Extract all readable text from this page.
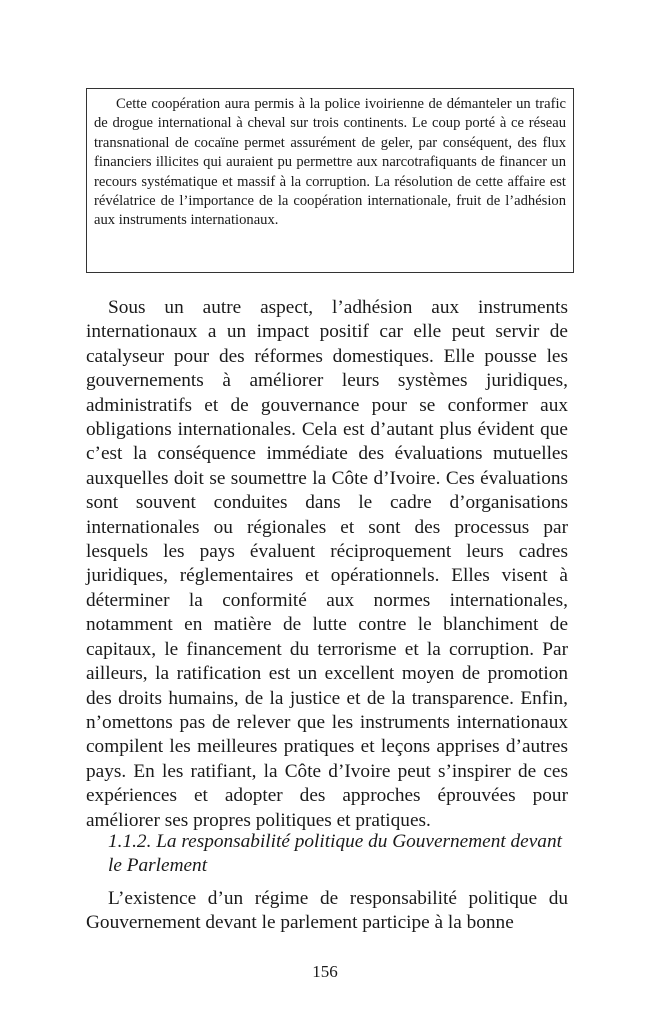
Cette coopération aura permis à la police ivoirienne de démanteler un trafic de drogue international à cheval sur trois continents. Le coup porté à ce réseau transnational de cocaïne permet assurément de geler, par conséquent, des flux financiers illicites qui auraient pu permettre aux narcotrafiquants de financer un recours systématique et massif à la corruption. La résolution de cette affaire est révélatrice de l’importance de la coopération internationale, fruit de l’adhésion aux instruments internationaux.

Sous un autre aspect, l’adhésion aux instruments internationaux a un impact positif car elle peut servir de catalyseur pour des réformes domestiques. Elle pousse les gouvernements à améliorer leurs systèmes juridiques, administratifs et de gouvernance pour se conformer aux obligations internationales. Cela est d’autant plus évident que c’est la conséquence immédiate des évaluations mutuelles auxquelles doit se soumettre la Côte d’Ivoire. Ces évaluations sont souvent conduites dans le cadre d’organisations internationales ou régionales et sont des processus par lesquels les pays évaluent réciproquement leurs cadres juridiques, réglementaires et opérationnels. Elles visent à déterminer la conformité aux normes internationales, notamment en matière de lutte contre le blanchiment de capitaux, le financement du terrorisme et la corruption. Par ailleurs, la ratification est un excellent moyen de promotion des droits humains, de la justice et de la transparence. Enfin, n’omettons pas de relever que les instruments internationaux compilent les meilleures pratiques et leçons apprises d’autres pays. En les ratifiant, la Côte d’Ivoire peut s’inspirer de ces expériences et adopter des approches éprouvées pour améliorer ses propres politiques et pratiques.

1.1.2. La responsabilité politique du Gouvernement devant le Parlement

L’existence d’un régime de responsabilité politique du Gouvernement devant le parlement participe à la bonne

156
